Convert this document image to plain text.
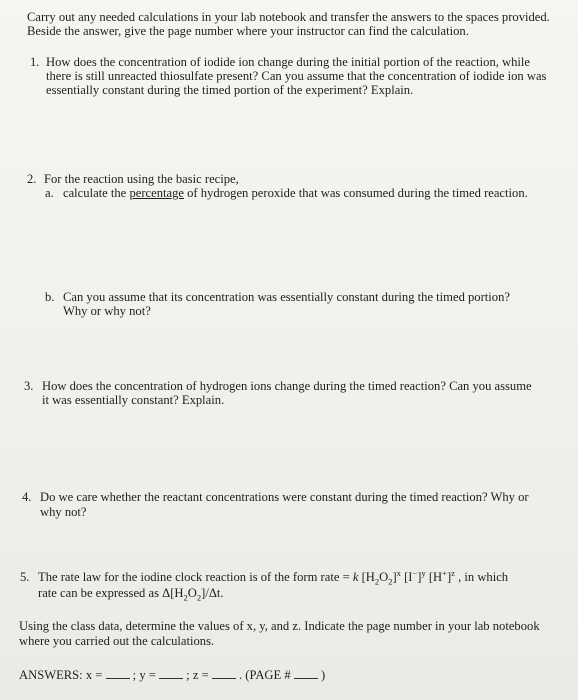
Carry out any needed calculations in your lab notebook and transfer the answers to the spaces provided.
Beside the answer, give the page number where your instructor can find the calculation.
1. How does the concentration of iodide ion change during the initial portion of the reaction, while
there is still unreacted thiosulfate present? Can you assume that the concentration of iodide ion was
essentially constant during the timed portion of the experiment? Explain.
2. For the reaction using the basic recipe,
a. calculate the percentage of hydrogen peroxide that was consumed during the timed reaction.
b. Can you assume that its concentration was essentially constant during the timed portion?
Why or why not?
3. How does the concentration of hydrogen ions change during the timed reaction? Can you assume
it was essentially constant? Explain.
4. Do we care whether the reactant concentrations were constant during the timed reaction? Why or
why not?
5. The rate law for the iodine clock reaction is of the form rate = k $[H_2O_2]^x$ $[I^-]^y$ $[H^+]^z$ , in which
rate can be expressed as $\Delta[H_2O_2]/\Delta t$.
Using the class data, determine the values of x, y, and z. Indicate the page number in your lab notebook
where you carried out the calculations.
ANSWERS: x =  ; y =  ; z =  . (PAGE #  )
